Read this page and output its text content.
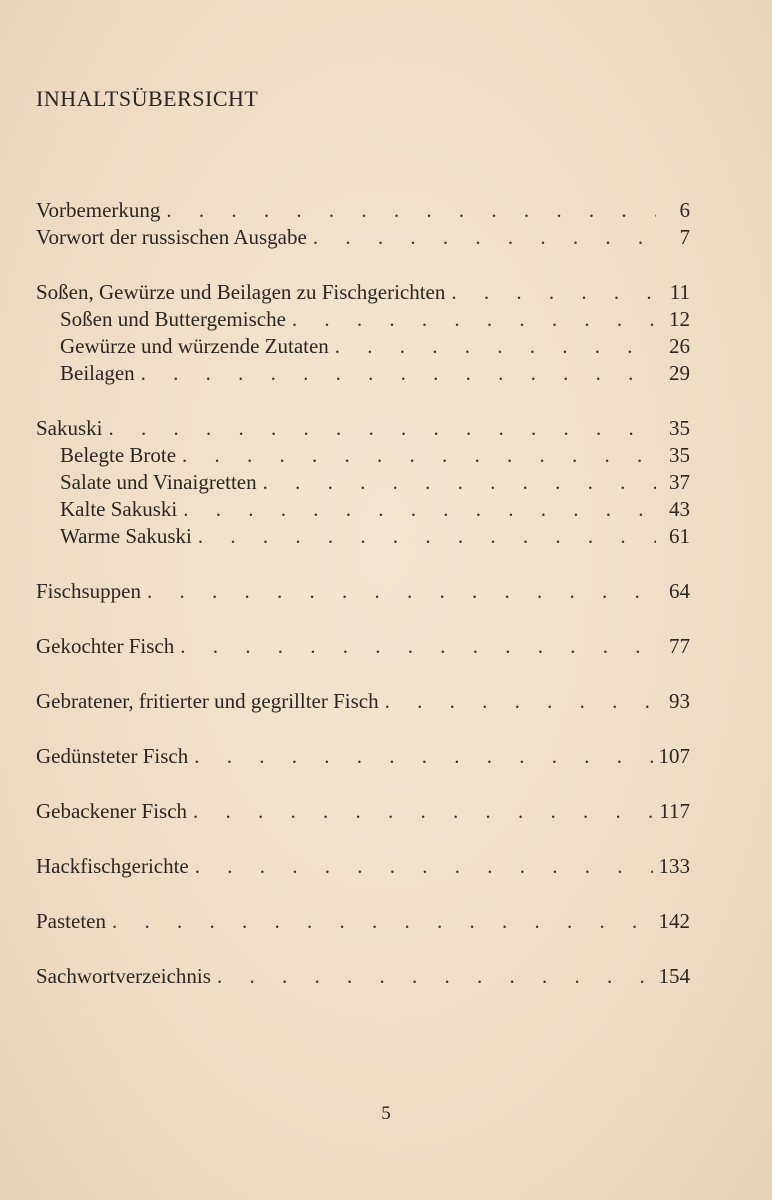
INHALTSÜBERSICHT
Vorbemerkung . . .	6
Vorwort der russischen Ausgabe . . .	7
Soßen, Gewürze und Beilagen zu Fischgerichten . . .	11
Soßen und Buttergemische . . .	12
Gewürze und würzende Zutaten . . .	26
Beilagen . . .	29
Sakuski . . .	35
Belegte Brote . . .	35
Salate und Vinaigretten . . .	37
Kalte Sakuski . . .	43
Warme Sakuski . . .	61
Fischsuppen . . .	64
Gekochter Fisch . . .	77
Gebratener, fritierter und gegrillter Fisch . . .	93
Gedünsteter Fisch . . .	107
Gebackener Fisch . . .	117
Hackfischgerichte . . .	133
Pasteten . . .	142
Sachwortverzeichnis . . .	154
5
